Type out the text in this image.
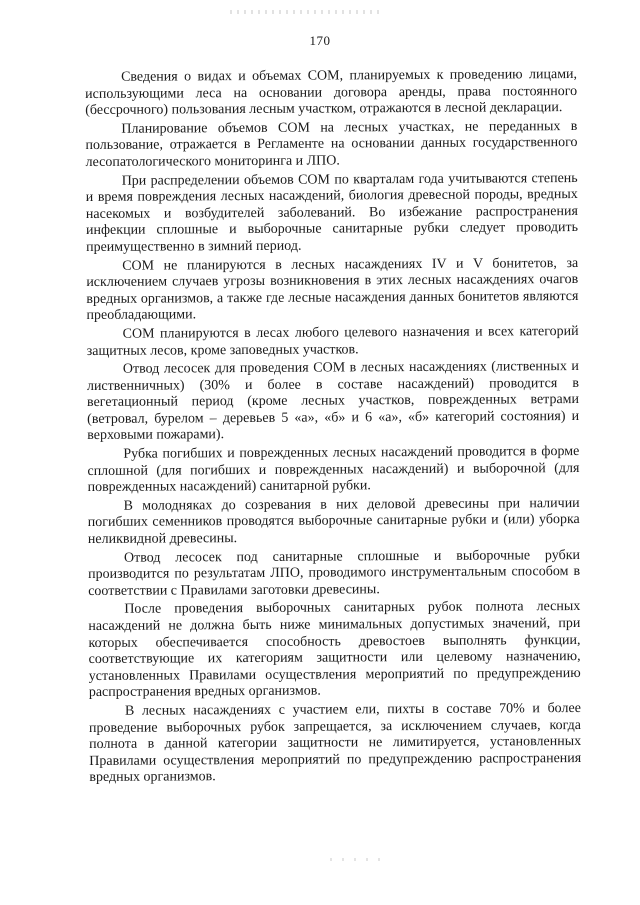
170

Сведения о видах и объемах СОМ, планируемых к проведению лицами, использующими леса на основании договора аренды, права постоянного (бессрочного) пользования лесным участком, отражаются в лесной декларации.

Планирование объемов СОМ на лесных участках, не переданных в пользование, отражается в Регламенте на основании данных государственного лесопатологического мониторинга и ЛПО.

При распределении объемов СОМ по кварталам года учитываются степень и время повреждения лесных насаждений, биология древесной породы, вредных насекомых и возбудителей заболеваний. Во избежание распространения инфекции сплошные и выборочные санитарные рубки следует проводить преимущественно в зимний период.

СОМ не планируются в лесных насаждениях IV и V бонитетов, за исключением случаев угрозы возникновения в этих лесных насаждениях очагов вредных организмов, а также где лесные насаждения данных бонитетов являются преобладающими.

СОМ планируются в лесах любого целевого назначения и всех категорий защитных лесов, кроме заповедных участков.

Отвод лесосек для проведения СОМ в лесных насаждениях (лиственных и лиственничных) (30% и более в составе насаждений) проводится в вегетационный период (кроме лесных участков, поврежденных ветрами (ветровал, бурелом – деревьев 5 «а», «б» и 6 «а», «б» категорий состояния) и верховыми пожарами).

Рубка погибших и поврежденных лесных насаждений проводится в форме сплошной (для погибших и поврежденных насаждений) и выборочной (для поврежденных насаждений) санитарной рубки.

В молодняках до созревания в них деловой древесины при наличии погибших семенников проводятся выборочные санитарные рубки и (или) уборка неликвидной древесины.

Отвод лесосек под санитарные сплошные и выборочные рубки производится по результатам ЛПО, проводимого инструментальным способом в соответствии с Правилами заготовки древесины.

После проведения выборочных санитарных рубок полнота лесных насаждений не должна быть ниже минимальных допустимых значений, при которых обеспечивается способность древостоев выполнять функции, соответствующие их категориям защитности или целевому назначению, установленных Правилами осуществления мероприятий по предупреждению распространения вредных организмов.

В лесных насаждениях с участием ели, пихты в составе 70% и более проведение выборочных рубок запрещается, за исключением случаев, когда полнота в данной категории защитности не лимитируется, установленных Правилами осуществления мероприятий по предупреждению распространения вредных организмов.
